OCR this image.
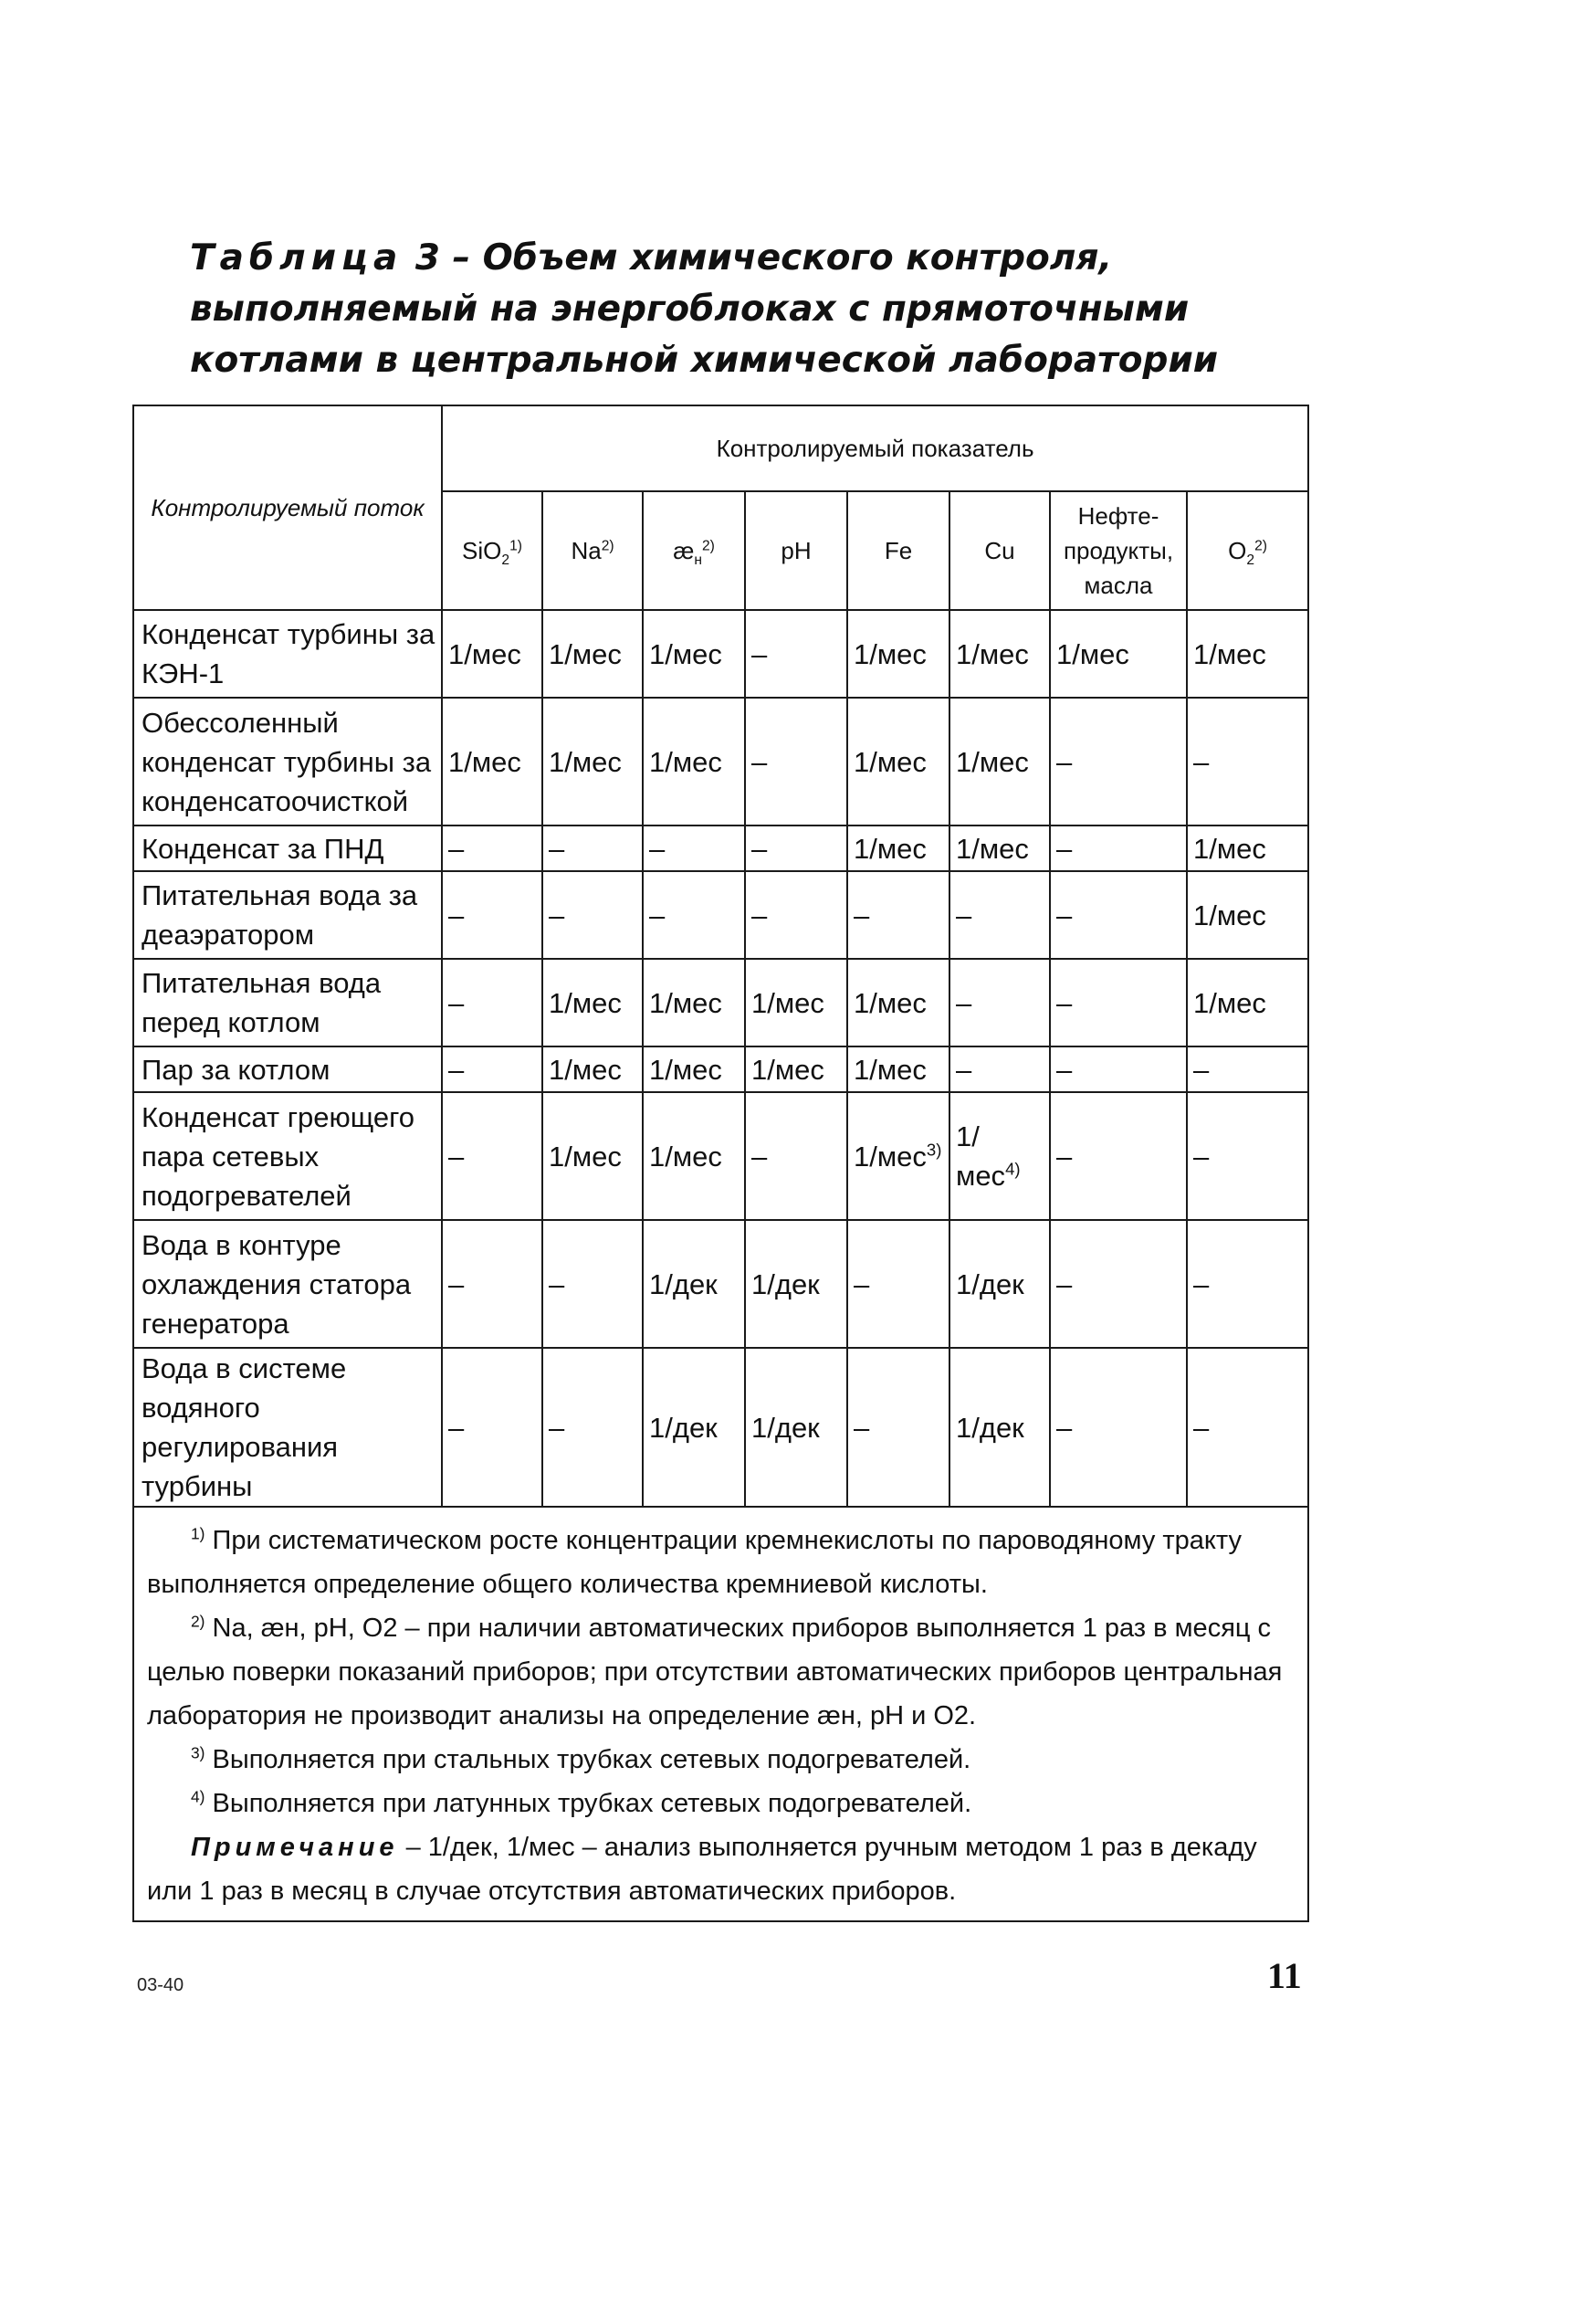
Таблица 3 – Объем химического контроля, выполняемый на энергоблоках с прямоточными котлами в центральной химической лаборатории
Контролируемый поток	Контролируемый показатель							
	SiO$_2^{1)}$	Na$^{2)}$	$æ_н^{2)}$	pH	Fe	Cu	Нефте-продукты, масла	$O_2^{2)}$
Конденсат турбины за КЭН-1	1/мес	1/мес	1/мес	–	1/мес	1/мес	1/мес	1/мес
Обессоленный конденсат турбины за конденсатоочисткой	1/мес	1/мес	1/мес	–	1/мес	1/мес	–	–
Конденсат за ПНД	–	–	–	–	1/мес	1/мес	–	1/мес
Питательная вода за деаэратором	–	–	–	–	–	–	–	1/мес
Питательная вода перед котлом	–	1/мес	1/мес	1/мес	1/мес	–	–	1/мес
Пар за котлом	–	1/мес	1/мес	1/мес	1/мес	–	–	–
Конденсат греющего пара сетевых подогревателей	–	1/мес	1/мес	–	1/мес$^{3)}$	1/мес$^{4)}$	–	–
Вода в контуре охлаждения статора генератора	–	–	1/дек	1/дек	–	1/дек	–	–
Вода в системе водяного регулирования турбины	–	–	1/дек	1/дек	–	1/дек	–	–

$^{1)}$ При систематическом росте концентрации кремнекислоты по пароводяному тракту выполняется определение общего количества кремниевой кислоты.
$^{2)}$ Na, æн, pH, O2 – при наличии автоматических приборов выполняется 1 раз в месяц с целью поверки показаний приборов; при отсутствии автоматических приборов центральная лаборатория не производит анализы на определение æн, pH и O2.
$^{3)}$ Выполняется при стальных трубках сетевых подогревателей.
$^{4)}$ Выполняется при латунных трубках сетевых подогревателей.
Примечание – 1/дек, 1/мес – анализ выполняется ручным методом 1 раз в декаду или 1 раз в месяц в случае отсутствия автоматических приборов.								
03-40	11
